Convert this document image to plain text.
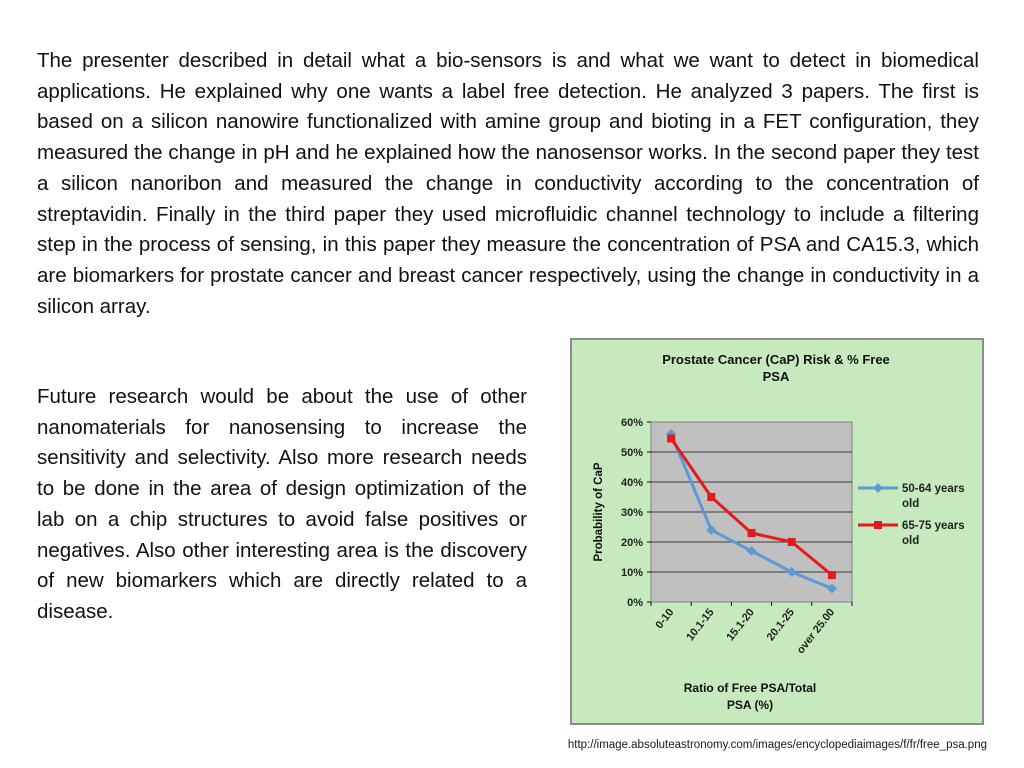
The presenter described in detail what a bio-sensors is and what we want to detect in biomedical applications. He explained why one wants a label free detection. He analyzed 3 papers. The first is based on a silicon nanowire functionalized with amine group and bioting in a FET configuration, they measured the change in pH and he explained how the nanosensor works. In the second paper they test a silicon nanoribon and measured the change in conductivity according to the concentration of streptavidin. Finally in the third paper they used microfluidic channel technology to include a filtering step in the process of sensing, in this paper they measure the concentration of PSA and CA15.3, which are biomarkers for prostate cancer and breast cancer respectively, using the change in conductivity in a silicon array.

Future research would be about the use of other nanomaterials for nanosensing to increase the sensitivity and selectivity. Also more research needs to be done in the area of design optimization of the lab on a chip structures to avoid false positives or negatives. Also other interesting area is the discovery of new biomarkers which are directly related to a disease.

Prostate Cancer (CaP) Risk & % Free
PSA
0%
10%
20%
30%
40%
50%
60%
0-10 10.1-15 15.1-20 20.1-25
over 25.00
Probability of CaP
Ratio of Free PSA/Total
PSA (%)
50-64 years
old
65-75 years
old
http://image.absoluteastronomy.com/images/encyclopediaimages/f/fr/free_psa.png
